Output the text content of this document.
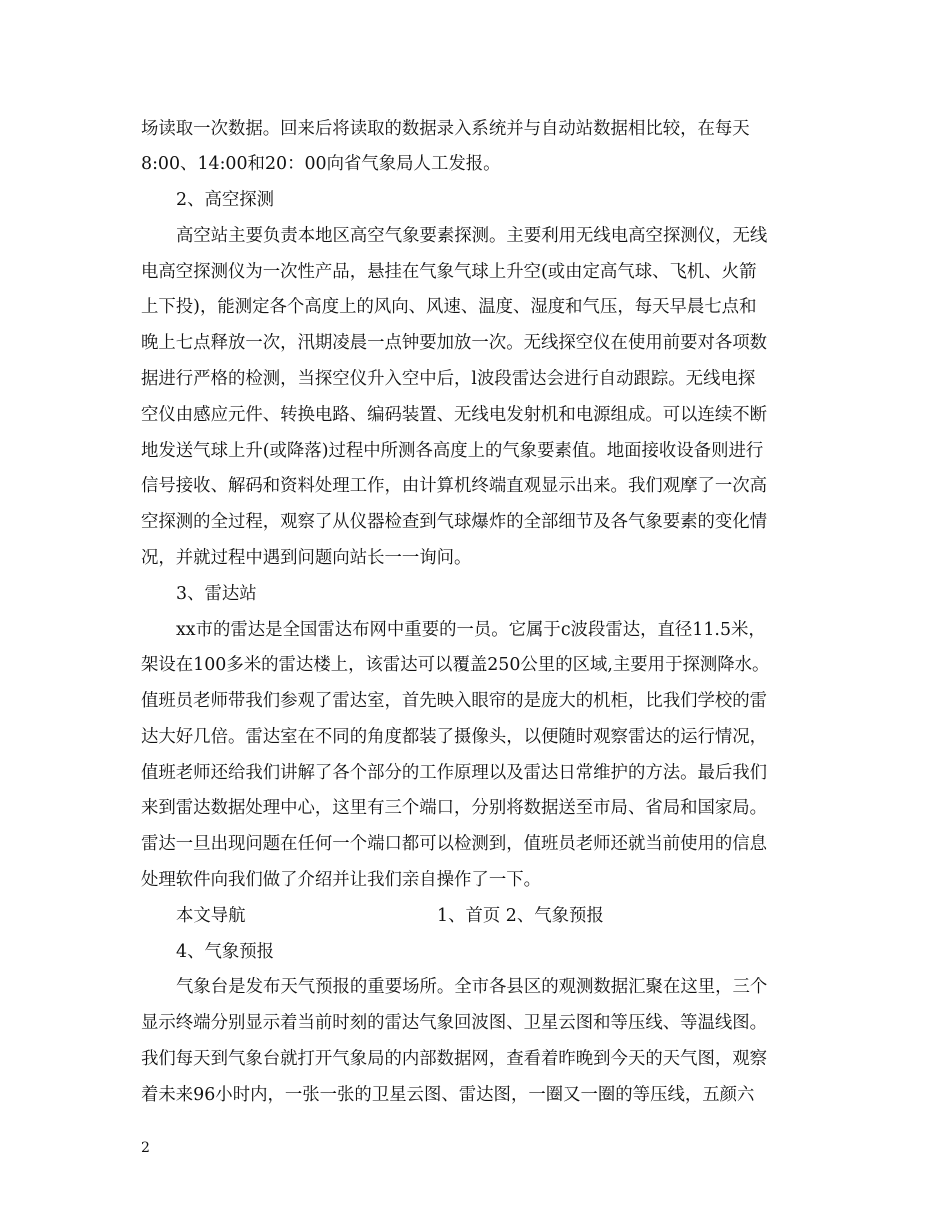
场读取一次数据。回来后将读取的数据录入系统并与自动站数据相比较，在每天
8:00、14:00和20：00向省气象局人工发报。
2、高空探测
高空站主要负责本地区高空气象要素探测。主要利用无线电高空探测仪，无线
电高空探测仪为一次性产品，悬挂在气象气球上升空(或由定高气球、飞机、火箭
上下投)，能测定各个高度上的风向、风速、温度、湿度和气压，每天早晨七点和
晚上七点释放一次，汛期凌晨一点钟要加放一次。无线探空仪在使用前要对各项数
据进行严格的检测，当探空仪升入空中后，l波段雷达会进行自动跟踪。无线电探
空仪由感应元件、转换电路、编码装置、无线电发射机和电源组成。可以连续不断
地发送气球上升(或降落)过程中所测各高度上的气象要素值。地面接收设备则进行
信号接收、解码和资料处理工作，由计算机终端直观显示出来。我们观摩了一次高
空探测的全过程，观察了从仪器检查到气球爆炸的全部细节及各气象要素的变化情
况，并就过程中遇到问题向站长一一询问。
3、雷达站
xx市的雷达是全国雷达布网中重要的一员。它属于c波段雷达，直径11.5米，
架设在100多米的雷达楼上，该雷达可以覆盖250公里的区域,主要用于探测降水。
值班员老师带我们参观了雷达室，首先映入眼帘的是庞大的机柜，比我们学校的雷
达大好几倍。雷达室在不同的角度都装了摄像头，以便随时观察雷达的运行情况，
值班老师还给我们讲解了各个部分的工作原理以及雷达日常维护的方法。最后我们
来到雷达数据处理中心，这里有三个端口，分别将数据送至市局、省局和国家局。
雷达一旦出现问题在任何一个端口都可以检测到，值班员老师还就当前使用的信息
处理软件向我们做了介绍并让我们亲自操作了一下。
本文导航	1、首页 2、气象预报
4、气象预报
气象台是发布天气预报的重要场所。全市各县区的观测数据汇聚在这里，三个
显示终端分别显示着当前时刻的雷达气象回波图、卫星云图和等压线、等温线图。
我们每天到气象台就打开气象局的内部数据网，查看着昨晚到今天的天气图，观察
着未来96小时内，一张一张的卫星云图、雷达图，一圈又一圈的等压线，五颜六
2
